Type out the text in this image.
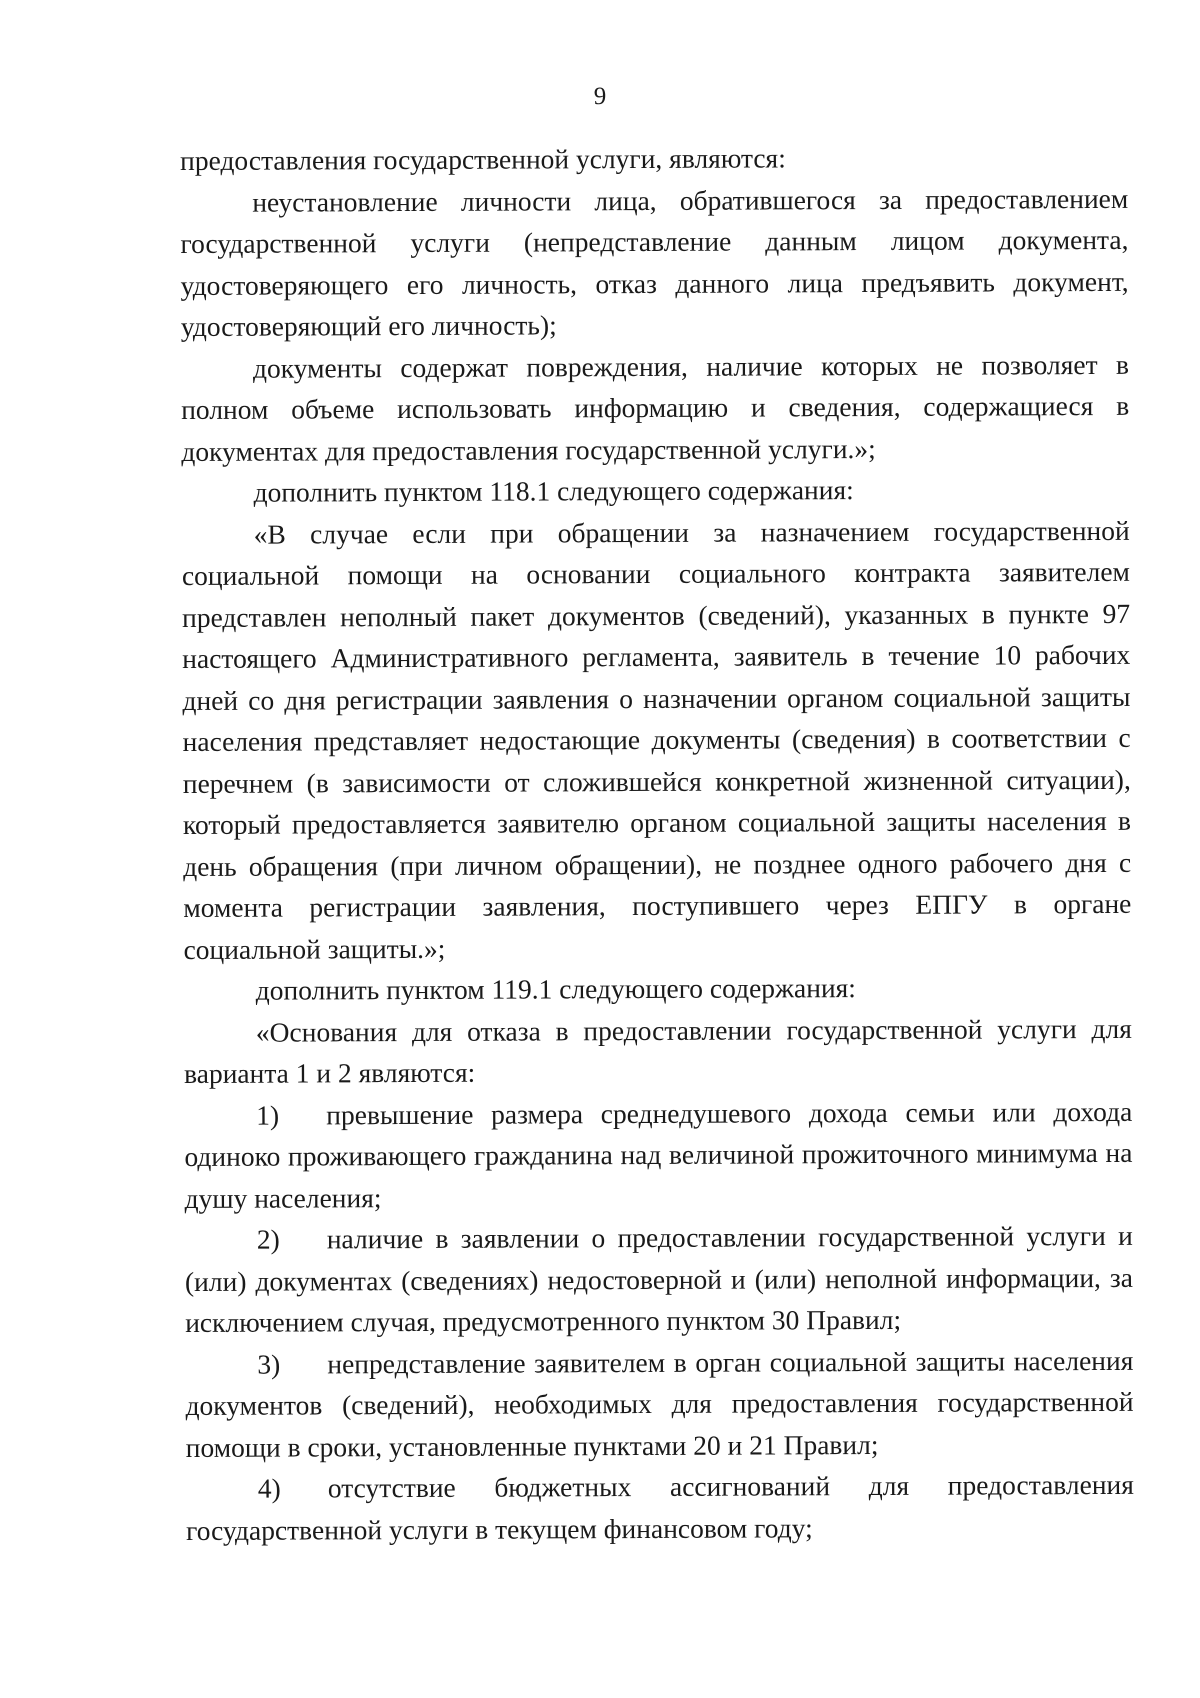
9

предоставления государственной услуги, являются:

неустановление личности лица, обратившегося за предоставлением государственной услуги (непредставление данным лицом документа, удостоверяющего его личность, отказ данного лица предъявить документ, удостоверяющий его личность);

документы содержат повреждения, наличие которых не позволяет в полном объеме использовать информацию и сведения, содержащиеся в документах для предоставления государственной услуги.»;

дополнить пунктом 118.1 следующего содержания:

«В случае если при обращении за назначением государственной социальной помощи на основании социального контракта заявителем представлен неполный пакет документов (сведений), указанных в пункте 97 настоящего Административного регламента, заявитель в течение 10 рабочих дней со дня регистрации заявления о назначении органом социальной защиты населения представляет недостающие документы (сведения) в соответствии с перечнем (в зависимости от сложившейся конкретной жизненной ситуации), который предоставляется заявителю органом социальной защиты населения в день обращения (при личном обращении), не позднее одного рабочего дня с момента регистрации заявления, поступившего через ЕПГУ в органе социальной защиты.»;

дополнить пунктом 119.1 следующего содержания:

«Основания для отказа в предоставлении государственной услуги для варианта 1 и 2 являются:

1) превышение размера среднедушевого дохода семьи или дохода одиноко проживающего гражданина над величиной прожиточного минимума на душу населения;

2) наличие в заявлении о предоставлении государственной услуги и (или) документах (сведениях) недостоверной и (или) неполной информации, за исключением случая, предусмотренного пунктом 30 Правил;

3) непредставление заявителем в орган социальной защиты населения документов (сведений), необходимых для предоставления государственной помощи в сроки, установленные пунктами 20 и 21 Правил;

4) отсутствие бюджетных ассигнований для предоставления государственной услуги в текущем финансовом году;
